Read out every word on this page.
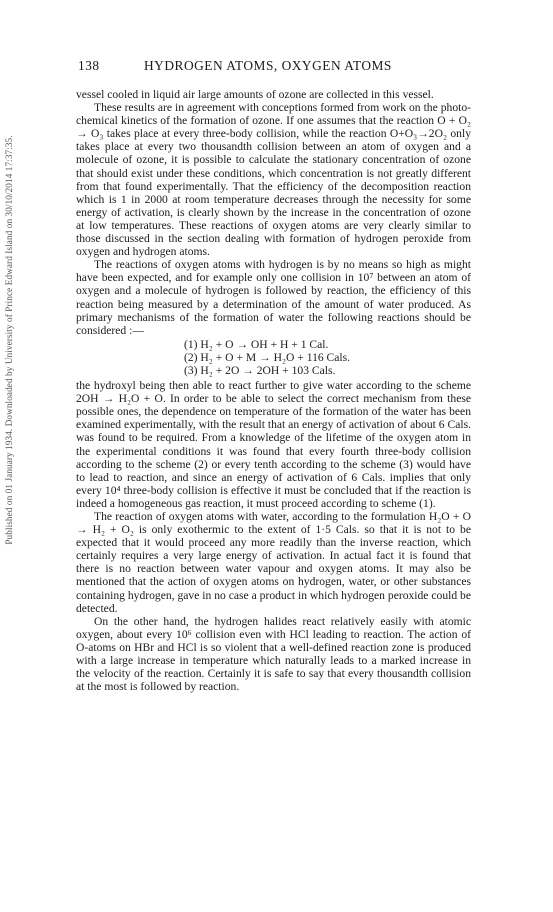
Published on 01 January 1934. Downloaded by University of Prince Edward Island on 30/10/2014 17:37:35.
138	HYDROGEN ATOMS, OXYGEN ATOMS

vessel cooled in liquid air large amounts of ozone are collected in this vessel.

These results are in agreement with conceptions formed from work on the photo-chemical kinetics of the formation of ozone. If one assumes that the reaction O + O₂ → O₃ takes place at every three-body collision, while the reaction O+O₃→2O₂ only takes place at every two thousandth collision between an atom of oxygen and a molecule of ozone, it is possible to calculate the stationary concentration of ozone that should exist under these conditions, which concentration is not greatly different from that found experimentally. That the efficiency of the decomposition reaction which is 1 in 2000 at room temperature decreases through the necessity for some energy of activation, is clearly shown by the increase in the concentration of ozone at low temperatures. These reactions of oxygen atoms are very clearly similar to those discussed in the section dealing with formation of hydrogen peroxide from oxygen and hydrogen atoms.

The reactions of oxygen atoms with hydrogen is by no means so high as might have been expected, and for example only one collision in 10⁷ between an atom of oxygen and a molecule of hydrogen is followed by reaction, the efficiency of this reaction being measured by a determination of the amount of water produced. As primary mechanisms of the formation of water the following reactions should be considered :—

(1) H₂ + O → OH + H + 1 Cal.
(2) H₂ + O + M → H₂O + 116 Cals.
(3) H₂ + 2O → 2OH + 103 Cals.

the hydroxyl being then able to react further to give water according to the scheme 2OH → H₂O + O. In order to be able to select the correct mechanism from these possible ones, the dependence on temperature of the formation of the water has been examined experimentally, with the result that an energy of activation of about 6 Cals. was found to be required. From a knowledge of the lifetime of the oxygen atom in the experimental conditions it was found that every fourth three-body collision according to the scheme (2) or every tenth according to the scheme (3) would have to lead to reaction, and since an energy of activation of 6 Cals. implies that only every 10⁴ three-body collision is effective it must be concluded that if the reaction is indeed a homogeneous gas reaction, it must proceed according to scheme (1).

The reaction of oxygen atoms with water, according to the formulation H₂O + O → H₂ + O₂ is only exothermic to the extent of 1·5 Cals. so that it is not to be expected that it would proceed any more readily than the inverse reaction, which certainly requires a very large energy of activation. In actual fact it is found that there is no reaction between water vapour and oxygen atoms. It may also be mentioned that the action of oxygen atoms on hydrogen, water, or other substances containing hydrogen, gave in no case a product in which hydrogen peroxide could be detected.

On the other hand, the hydrogen halides react relatively easily with atomic oxygen, about every 10⁶ collision even with HCl leading to reaction. The action of O-atoms on HBr and HCl is so violent that a well-defined reaction zone is produced with a large increase in temperature which naturally leads to a marked increase in the velocity of the reaction. Certainly it is safe to say that every thousandth collision at the most is followed by reaction.
